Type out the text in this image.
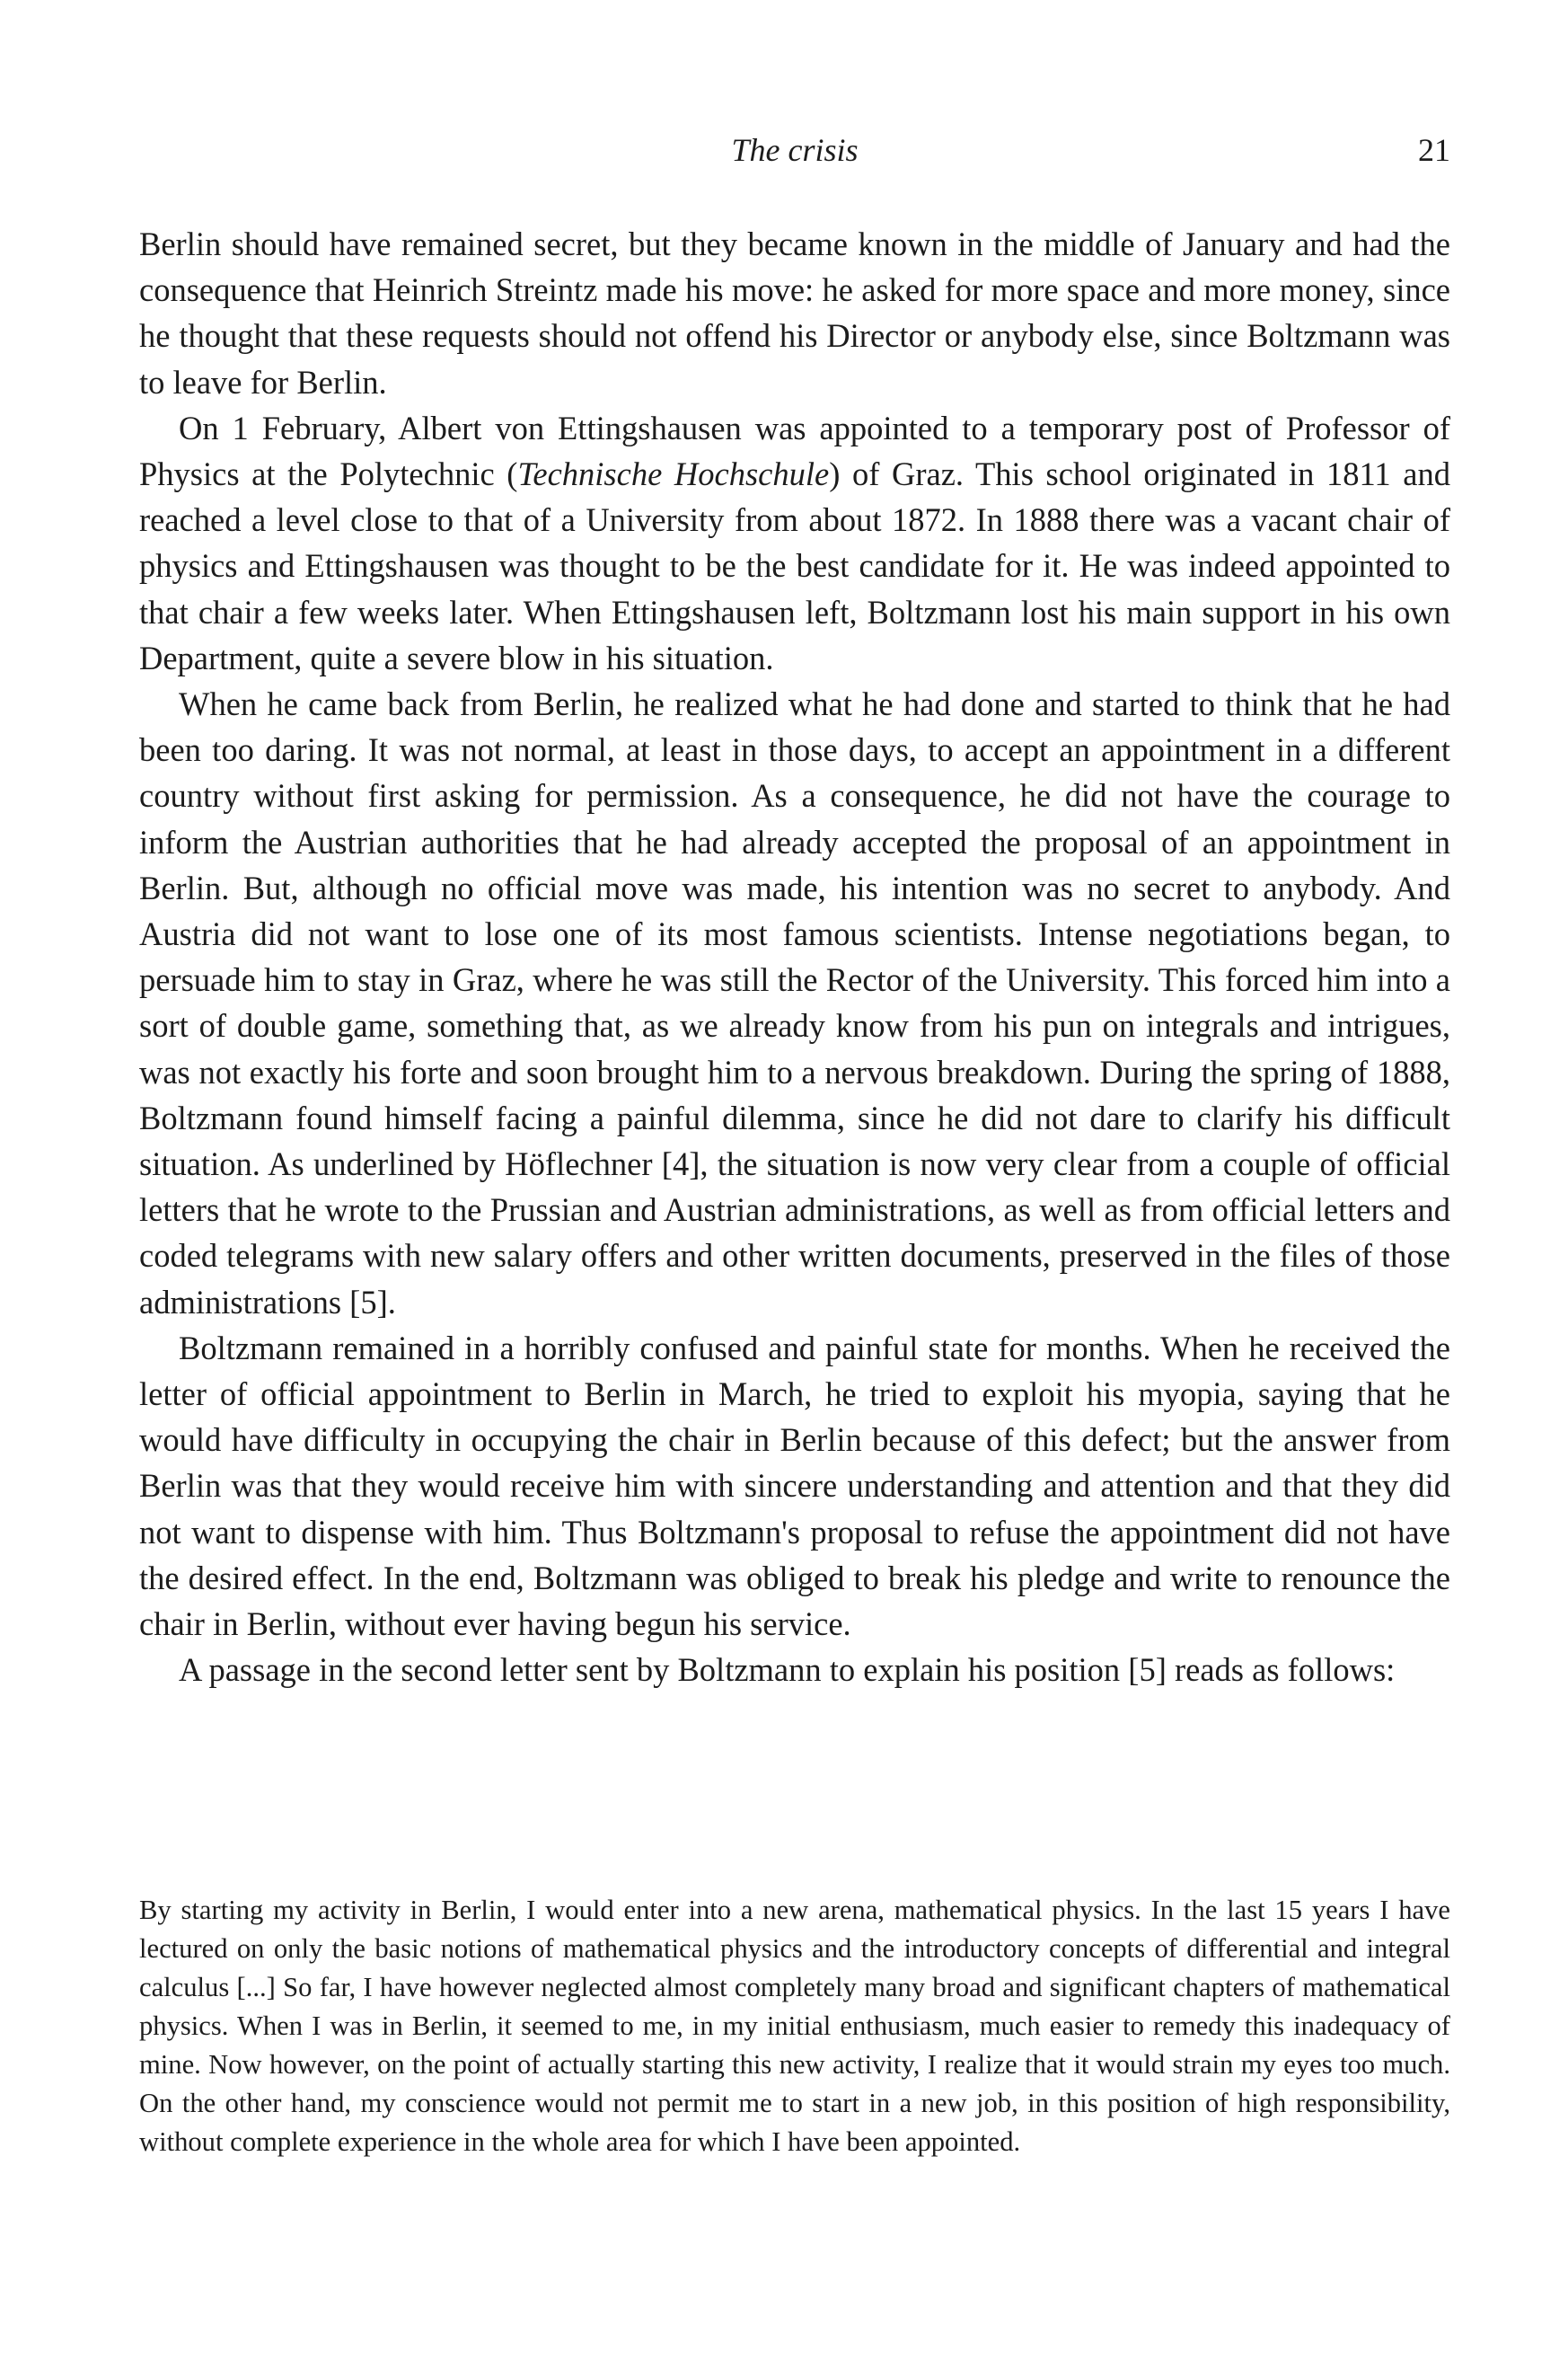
The crisis	21

Berlin should have remained secret, but they became known in the middle of January and had the consequence that Heinrich Streintz made his move: he asked for more space and more money, since he thought that these requests should not offend his Director or anybody else, since Boltzmann was to leave for Berlin.

On 1 February, Albert von Ettingshausen was appointed to a temporary post of Professor of Physics at the Polytechnic (Technische Hochschule) of Graz. This school originated in 1811 and reached a level close to that of a University from about 1872. In 1888 there was a vacant chair of physics and Ettingshausen was thought to be the best candidate for it. He was indeed appointed to that chair a few weeks later. When Ettingshausen left, Boltzmann lost his main support in his own Department, quite a severe blow in his situation.

When he came back from Berlin, he realized what he had done and started to think that he had been too daring. It was not normal, at least in those days, to accept an appointment in a different country without first asking for permission. As a consequence, he did not have the courage to inform the Austrian authorities that he had already accepted the proposal of an appointment in Berlin. But, although no official move was made, his intention was no secret to anybody. And Austria did not want to lose one of its most famous scientists. Intense negotiations began, to persuade him to stay in Graz, where he was still the Rector of the University. This forced him into a sort of double game, something that, as we already know from his pun on integrals and intrigues, was not exactly his forte and soon brought him to a nervous breakdown. During the spring of 1888, Boltzmann found himself facing a painful dilemma, since he did not dare to clarify his difficult situation. As underlined by Höflechner [4], the situation is now very clear from a couple of official letters that he wrote to the Prussian and Austrian administrations, as well as from official letters and coded telegrams with new salary offers and other written documents, preserved in the files of those administrations [5].

Boltzmann remained in a horribly confused and painful state for months. When he received the letter of official appointment to Berlin in March, he tried to exploit his myopia, saying that he would have difficulty in occupying the chair in Berlin because of this defect; but the answer from Berlin was that they would receive him with sincere understanding and attention and that they did not want to dispense with him. Thus Boltzmann's proposal to refuse the appointment did not have the desired effect. In the end, Boltzmann was obliged to break his pledge and write to renounce the chair in Berlin, without ever having begun his service.

A passage in the second letter sent by Boltzmann to explain his position [5] reads as follows:

By starting my activity in Berlin, I would enter into a new arena, mathematical physics. In the last 15 years I have lectured on only the basic notions of mathematical physics and the introductory concepts of differential and integral calculus [...] So far, I have however neglected almost completely many broad and significant chapters of mathematical physics. When I was in Berlin, it seemed to me, in my initial enthusiasm, much easier to remedy this inadequacy of mine. Now however, on the point of actually starting this new activity, I realize that it would strain my eyes too much. On the other hand, my conscience would not permit me to start in a new job, in this position of high responsibility, without complete experience in the whole area for which I have been appointed.
